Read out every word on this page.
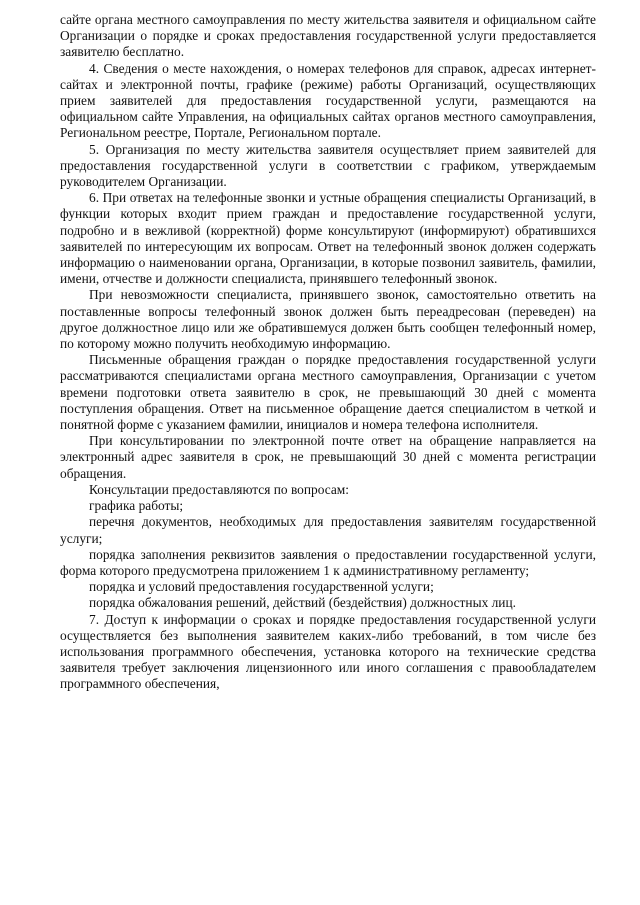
сайте органа местного самоуправления по месту жительства заявителя и официальном сайте Организации о порядке и сроках предоставления государственной услуги предоставляется заявителю бесплатно.

4. Сведения о месте нахождения, о номерах телефонов для справок, адресах интернет-сайтах и электронной почты, графике (режиме) работы Организаций, осуществляющих прием заявителей для предоставления государственной услуги, размещаются на официальном сайте Управления, на официальных сайтах органов местного самоуправления, Региональном реестре, Портале, Региональном портале.

5. Организация по месту жительства заявителя осуществляет прием заявителей для предоставления государственной услуги в соответствии с графиком, утверждаемым руководителем Организации.

6. При ответах на телефонные звонки и устные обращения специалисты Организаций, в функции которых входит прием граждан и предоставление государственной услуги, подробно и в вежливой (корректной) форме консультируют (информируют) обратившихся заявителей по интересующим их вопросам. Ответ на телефонный звонок должен содержать информацию о наименовании органа, Организации, в которые позвонил заявитель, фамилии, имени, отчестве и должности специалиста, принявшего телефонный звонок.

При невозможности специалиста, принявшего звонок, самостоятельно ответить на поставленные вопросы телефонный звонок должен быть переадресован (переведен) на другое должностное лицо или же обратившемуся должен быть сообщен телефонный номер, по которому можно получить необходимую информацию.

Письменные обращения граждан о порядке предоставления государственной услуги рассматриваются специалистами органа местного самоуправления, Организации с учетом времени подготовки ответа заявителю в срок, не превышающий 30 дней с момента поступления обращения. Ответ на письменное обращение дается специалистом в четкой и понятной форме с указанием фамилии, инициалов и номера телефона исполнителя.

При консультировании по электронной почте ответ на обращение направляется на электронный адрес заявителя в срок, не превышающий 30 дней с момента регистрации обращения.

Консультации предоставляются по вопросам:

графика работы;

перечня документов, необходимых для предоставления заявителям государственной услуги;

порядка заполнения реквизитов заявления о предоставлении государственной услуги, форма которого предусмотрена приложением 1 к административному регламенту;

порядка и условий предоставления государственной услуги;

порядка обжалования решений, действий (бездействия) должностных лиц.

7. Доступ к информации о сроках и порядке предоставления государственной услуги осуществляется без выполнения заявителем каких-либо требований, в том числе без использования программного обеспечения, установка которого на технические средства заявителя требует заключения лицензионного или иного соглашения с правообладателем программного обеспечения,
